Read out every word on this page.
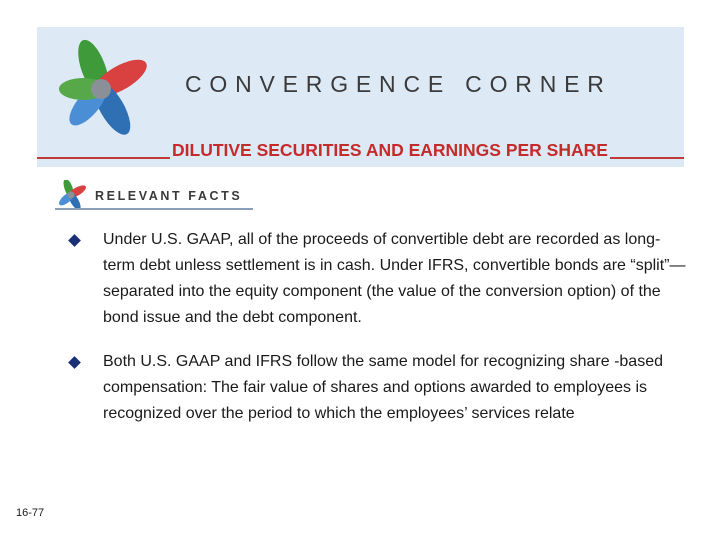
CONVERGENCE CORNER
DILUTIVE SECURITIES AND EARNINGS PER SHARE
RELEVANT FACTS
Under U.S. GAAP, all of the proceeds of convertible debt are recorded as long-term debt unless settlement is in cash. Under IFRS, convertible bonds are “split”—separated into the equity component (the value of the conversion option) of the bond issue and the debt component.
Both U.S. GAAP and IFRS follow the same model for recognizing share -based compensation: The fair value of shares and options awarded to employees is recognized over the period to which the employees’ services relate
16-77
